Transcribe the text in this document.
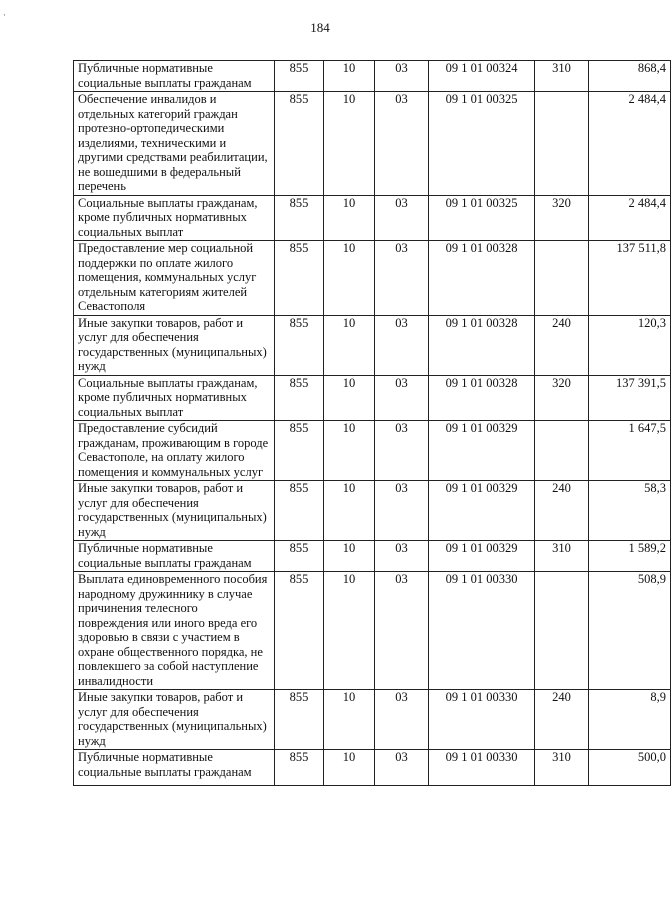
·
184
Публичные нормативные социальные выплаты гражданам	855	10	03	09 1 01 00324	310	868,4
Обеспечение инвалидов и отдельных категорий граждан протезно-ортопедическими изделиями, техническими и другими средствами реабилитации, не вошедшими в федеральный перечень	855	10	03	09 1 01 00325		2 484,4
Социальные выплаты гражданам, кроме публичных нормативных социальных выплат	855	10	03	09 1 01 00325	320	2 484,4
Предоставление мер социальной поддержки по оплате жилого помещения, коммунальных услуг отдельным категориям жителей Севастополя	855	10	03	09 1 01 00328		137 511,8
Иные закупки товаров, работ и услуг для обеспечения государственных (муниципальных) нужд	855	10	03	09 1 01 00328	240	120,3
Социальные выплаты гражданам, кроме публичных нормативных социальных выплат	855	10	03	09 1 01 00328	320	137 391,5
Предоставление субсидий гражданам, проживающим в городе Севастополе, на оплату жилого помещения и коммунальных услуг	855	10	03	09 1 01 00329		1 647,5
Иные закупки товаров, работ и услуг для обеспечения государственных (муниципальных) нужд	855	10	03	09 1 01 00329	240	58,3
Публичные нормативные социальные выплаты гражданам	855	10	03	09 1 01 00329	310	1 589,2
Выплата единовременного пособия народному дружиннику в случае причинения телесного повреждения или иного вреда его здоровью в связи с участием в охране общественного порядка, не повлекшего за собой наступление инвалидности	855	10	03	09 1 01 00330		508,9
Иные закупки товаров, работ и услуг для обеспечения государственных (муниципальных) нужд	855	10	03	09 1 01 00330	240	8,9
Публичные нормативные социальные выплаты гражданам	855	10	03	09 1 01 00330	310	500,0
